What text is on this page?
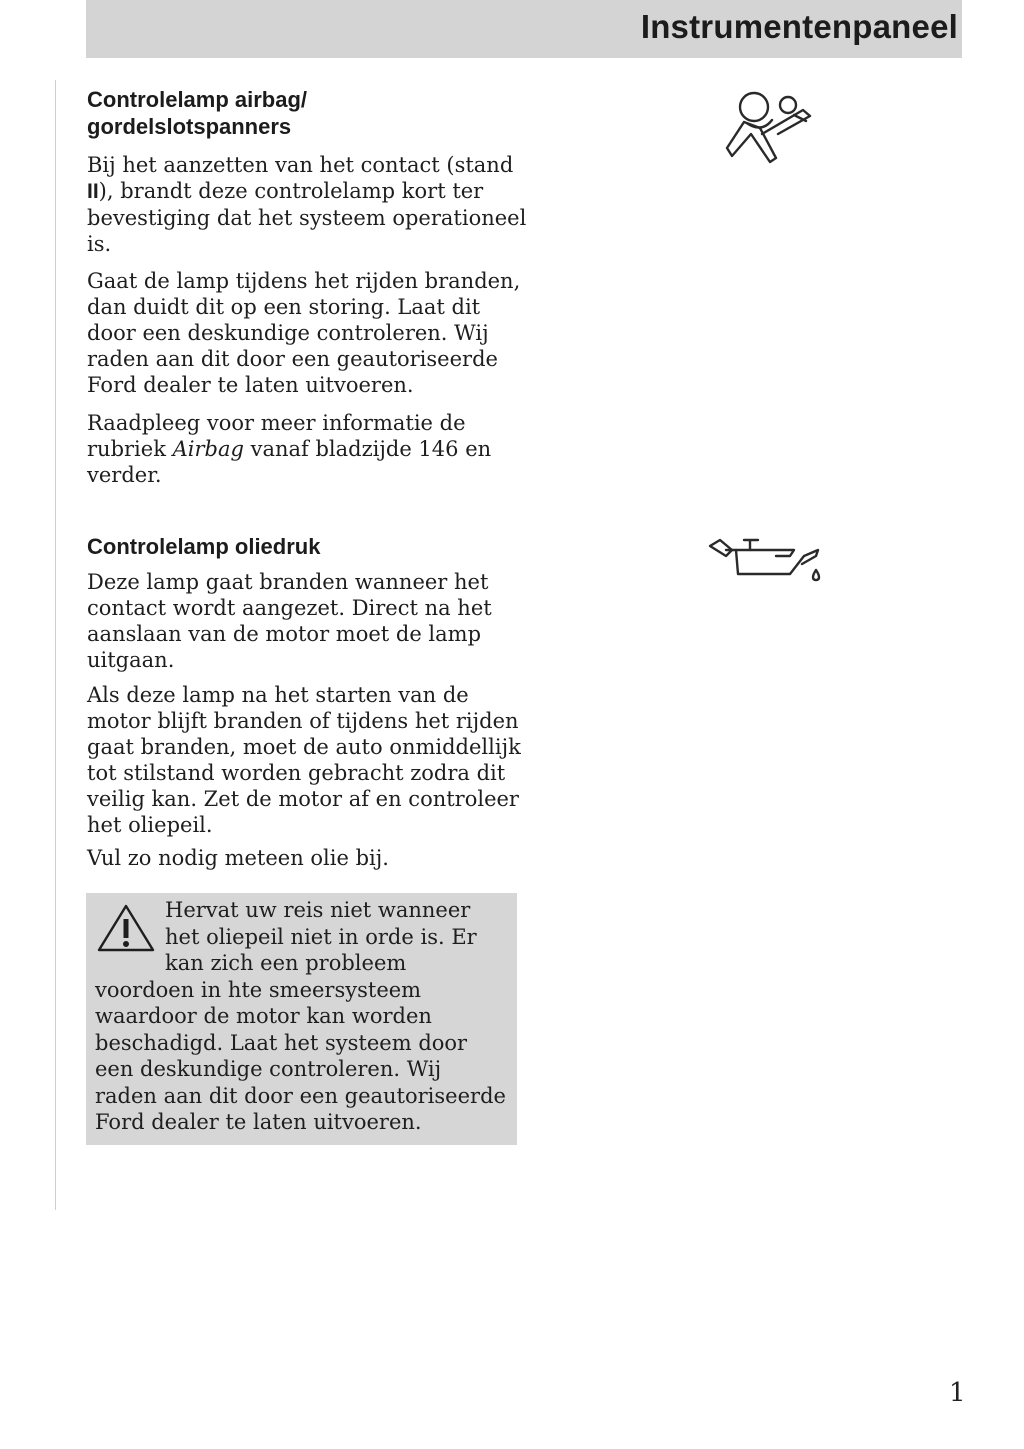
Instrumentenpaneel
Controlelamp airbag/
gordelslotspanners

Bij het aanzetten van het contact (stand II), brandt deze controlelamp kort ter bevestiging dat het systeem operationeel is.

Gaat de lamp tijdens het rijden branden, dan duidt dit op een storing. Laat dit door een deskundige controleren. Wij raden aan dit door een geautoriseerde Ford dealer te laten uitvoeren.

Raadpleeg voor meer informatie de rubriek Airbag vanaf bladzijde 146 en verder.

Controlelamp oliedruk

Deze lamp gaat branden wanneer het contact wordt aangezet. Direct na het aanslaan van de motor moet de lamp uitgaan.

Als deze lamp na het starten van de motor blijft branden of tijdens het rijden gaat branden, moet de auto onmiddellijk tot stilstand worden gebracht zodra dit veilig kan. Zet de motor af en controleer het oliepeil.

Vul zo nodig meteen olie bij.

Hervat uw reis niet wanneer het oliepeil niet in orde is. Er kan zich een probleem voordoen in hte smeersysteem waardoor de motor kan worden beschadigd. Laat het systeem door een deskundige controleren. Wij raden aan dit door een geautoriseerde Ford dealer te laten uitvoeren.

1
